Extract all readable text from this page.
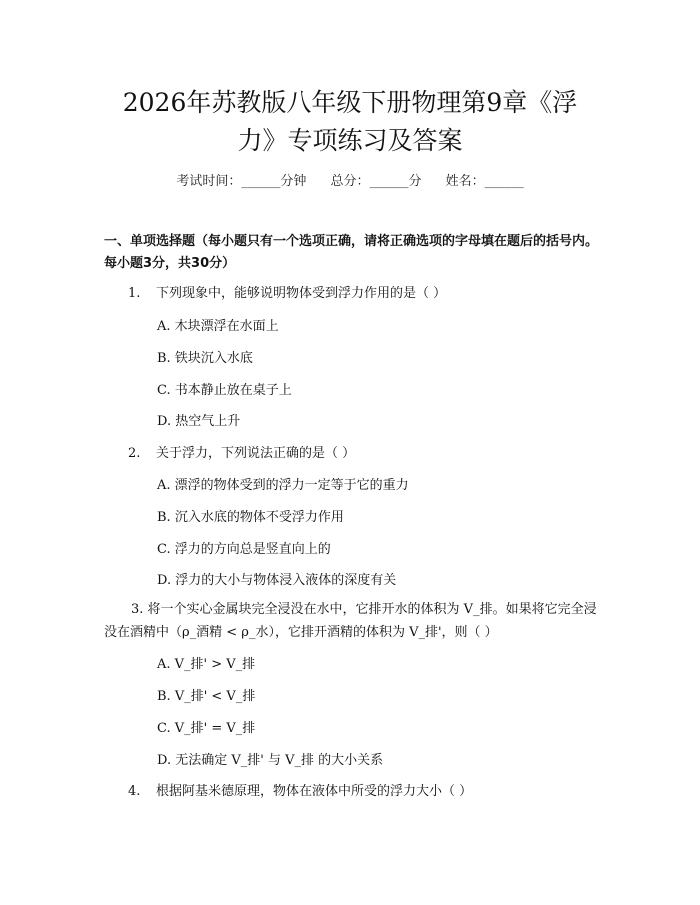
2026年苏教版八年级下册物理第9章《浮
力》专项练习及答案
考试时间：______分钟 总分：______分 姓名：______
一、单项选择题（每小题只有一个选项正确，请将正确选项的字母填在题后的括号内。每小题3分，共30分）
1. 下列现象中，能够说明物体受到浮力作用的是（ ）
A. 木块漂浮在水面上
B. 铁块沉入水底
C. 书本静止放在桌子上
D. 热空气上升
2. 关于浮力，下列说法正确的是（ ）
A. 漂浮的物体受到的浮力一定等于它的重力
B. 沉入水底的物体不受浮力作用
C. 浮力的方向总是竖直向上的
D. 浮力的大小与物体浸入液体的深度有关
3. 将一个实心金属块完全浸没在水中，它排开水的体积为 V_排。如果将它完全浸没在酒精中（ρ_酒精 < ρ_水），它排开酒精的体积为 V_排'，则（ ）
A. V_排' > V_排
B. V_排' < V_排
C. V_排' = V_排
D. 无法确定 V_排' 与 V_排 的大小关系
4. 根据阿基米德原理，物体在液体中所受的浮力大小（ ）
